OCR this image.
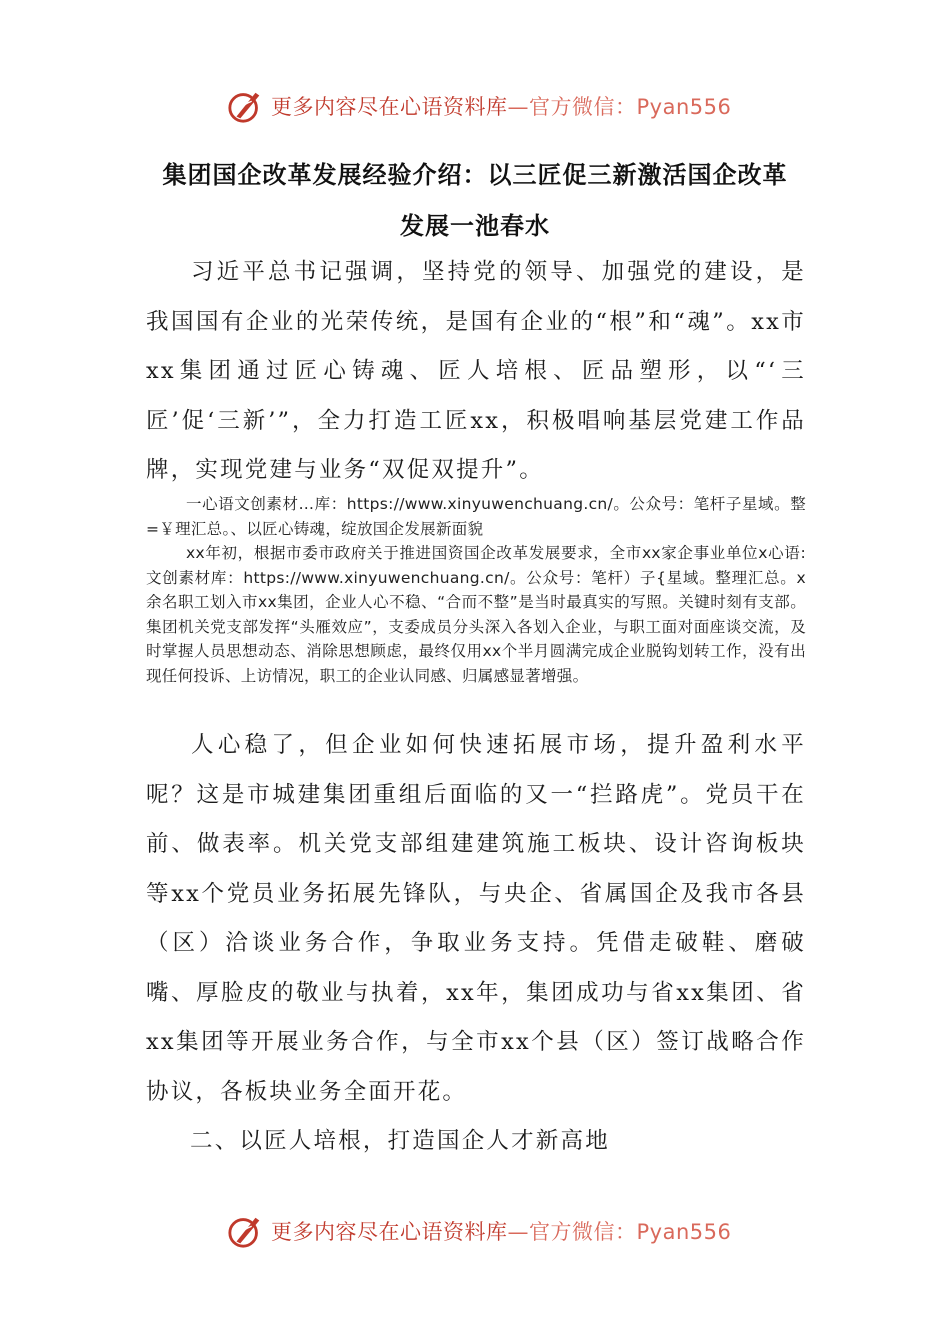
更多内容尽在心语资料库—官方微信：Pyan556
集团国企改革发展经验介绍：以三匠促三新激活国企改革
发展一池春水
习近平总书记强调，坚持党的领导、加强党的建设，是我国国有企业的光荣传统，是国有企业的“根”和“魂”。xx市xx集团通过匠心铸魂、匠人培根、匠品塑形，以“‘三匠’促‘三新’”，全力打造工匠xx，积极唱响基层党建工作品牌，实现党建与业务“双促双提升”。
一心语文创素材…库：https://www.xinyuwenchuang.cn/。公众号：笔杆子星域。整=￥理汇总。、以匠心铸魂，绽放国企发展新面貌
xx年初，根据市委市政府关于推进国资国企改革发展要求，全市xx家企事业单位x心语:文创素材库：https://www.xinyuwenchuang.cn/。公众号：笔杆）子{星域。整理汇总。x余名职工划入市xx集团，企业人心不稳、“合而不整”是当时最真实的写照。关键时刻有支部。集团机关党支部发挥“头雁效应”，支委成员分头深入各划入企业，与职工面对面座谈交流，及时掌握人员思想动态、消除思想顾虑，最终仅用xx个半月圆满完成企业脱钩划转工作，没有出现任何投诉、上访情况，职工的企业认同感、归属感显著增强。
人心稳了，但企业如何快速拓展市场，提升盈利水平呢？这是市城建集团重组后面临的又一“拦路虎”。党员干在前、做表率。机关党支部组建建筑施工板块、设计咨询板块等xx个党员业务拓展先锋队，与央企、省属国企及我市各县（区）洽谈业务合作，争取业务支持。凭借走破鞋、磨破嘴、厚脸皮的敬业与执着，xx年，集团成功与省xx集团、省xx集团等开展业务合作，与全市xx个县（区）签订战略合作协议，各板块业务全面开花。
二、以匠人培根，打造国企人才新高地
更多内容尽在心语资料库—官方微信：Pyan556
